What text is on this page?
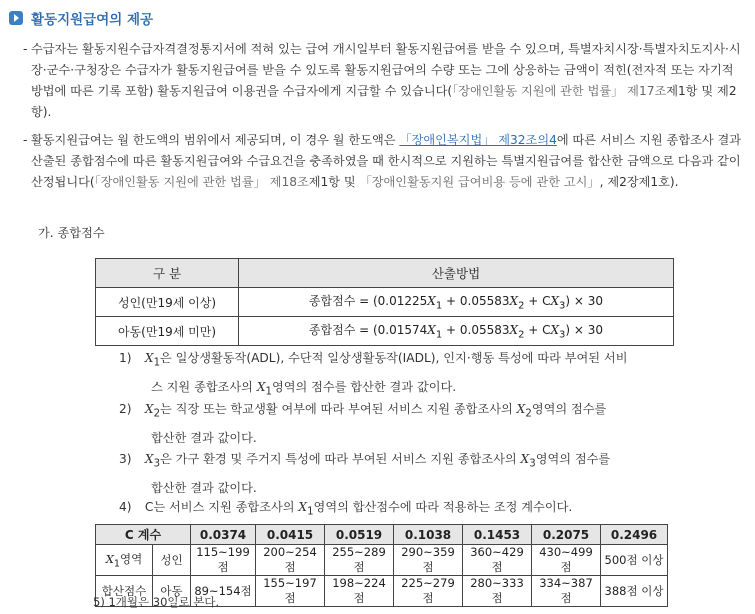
활동지원급여의 제공
- 수급자는 활동지원수급자격결정통지서에 적혀 있는 급여 개시일부터 활동지원급여를 받을 수 있으며, 특별자치시장·특별자치도지사·시장·군수·구청장은 수급자가 활동지원급여를 받을 수 있도록 활동지원급여의 수량 또는 그에 상응하는 금액이 적힌(전자적 또는 자기적 방법에 따른 기록 포함) 활동지원급여 이용권을 수급자에게 지급할 수 있습니다(「장애인활동 지원에 관한 법률」 제17조제1항 및 제2항).
- 활동지원급여는 월 한도액의 범위에서 제공되며, 이 경우 월 한도액은 「장애인복지법」 제32조의4에 따른 서비스 지원 종합조사 결과 산출된 종합점수에 따른 활동지원급여와 수급요건을 충족하였을 때 한시적으로 지원하는 특별지원급여를 합산한 금액으로 다음과 같이 산정됩니다(「장애인활동 지원에 관한 법률」 제18조제1항 및 「장애인활동지원 급여비용 등에 관한 고시」, 제2장제1호).
가. 종합점수
구 분	산출방법
성인(만19세 이상)	종합점수 = $(0.01225X_1 + 0.05583X_2 + CX_3) \times 30$
아동(만19세 미만)	종합점수 = $(0.01574X_1 + 0.05583X_2 + CX_3) \times 30$
1) $X_1$은 일상생활동작(ADL), 수단적 일상생활동작(IADL), 인지·행동 특성에 따라 부여된 서비
스 지원 종합조사의 $X_1$영역의 점수를 합산한 결과 값이다.
2) $X_2$는 직장 또는 학교생활 여부에 따라 부여된 서비스 지원 종합조사의 $X_2$영역의 점수를
합산한 결과 값이다.
3) $X_3$은 가구 환경 및 주거지 특성에 따라 부여된 서비스 지원 종합조사의 $X_3$영역의 점수를
합산한 결과 값이다.
4) C는 서비스 지원 종합조사의 $X_1$영역의 합산점수에 따라 적용하는 조정 계수이다.
C 계수		0.0374	0.0415	0.0519	0.1038	0.1453	0.2075	0.2496
$X_1$영역	성인	115~199점	200~254점	255~289점	290~359점	360~429점	430~499점	500점 이상
합산점수	아동	89~154점	155~197점	198~224점	225~279점	280~333점	334~387점	388점 이상
5) 1개월은 30일로 본다.
